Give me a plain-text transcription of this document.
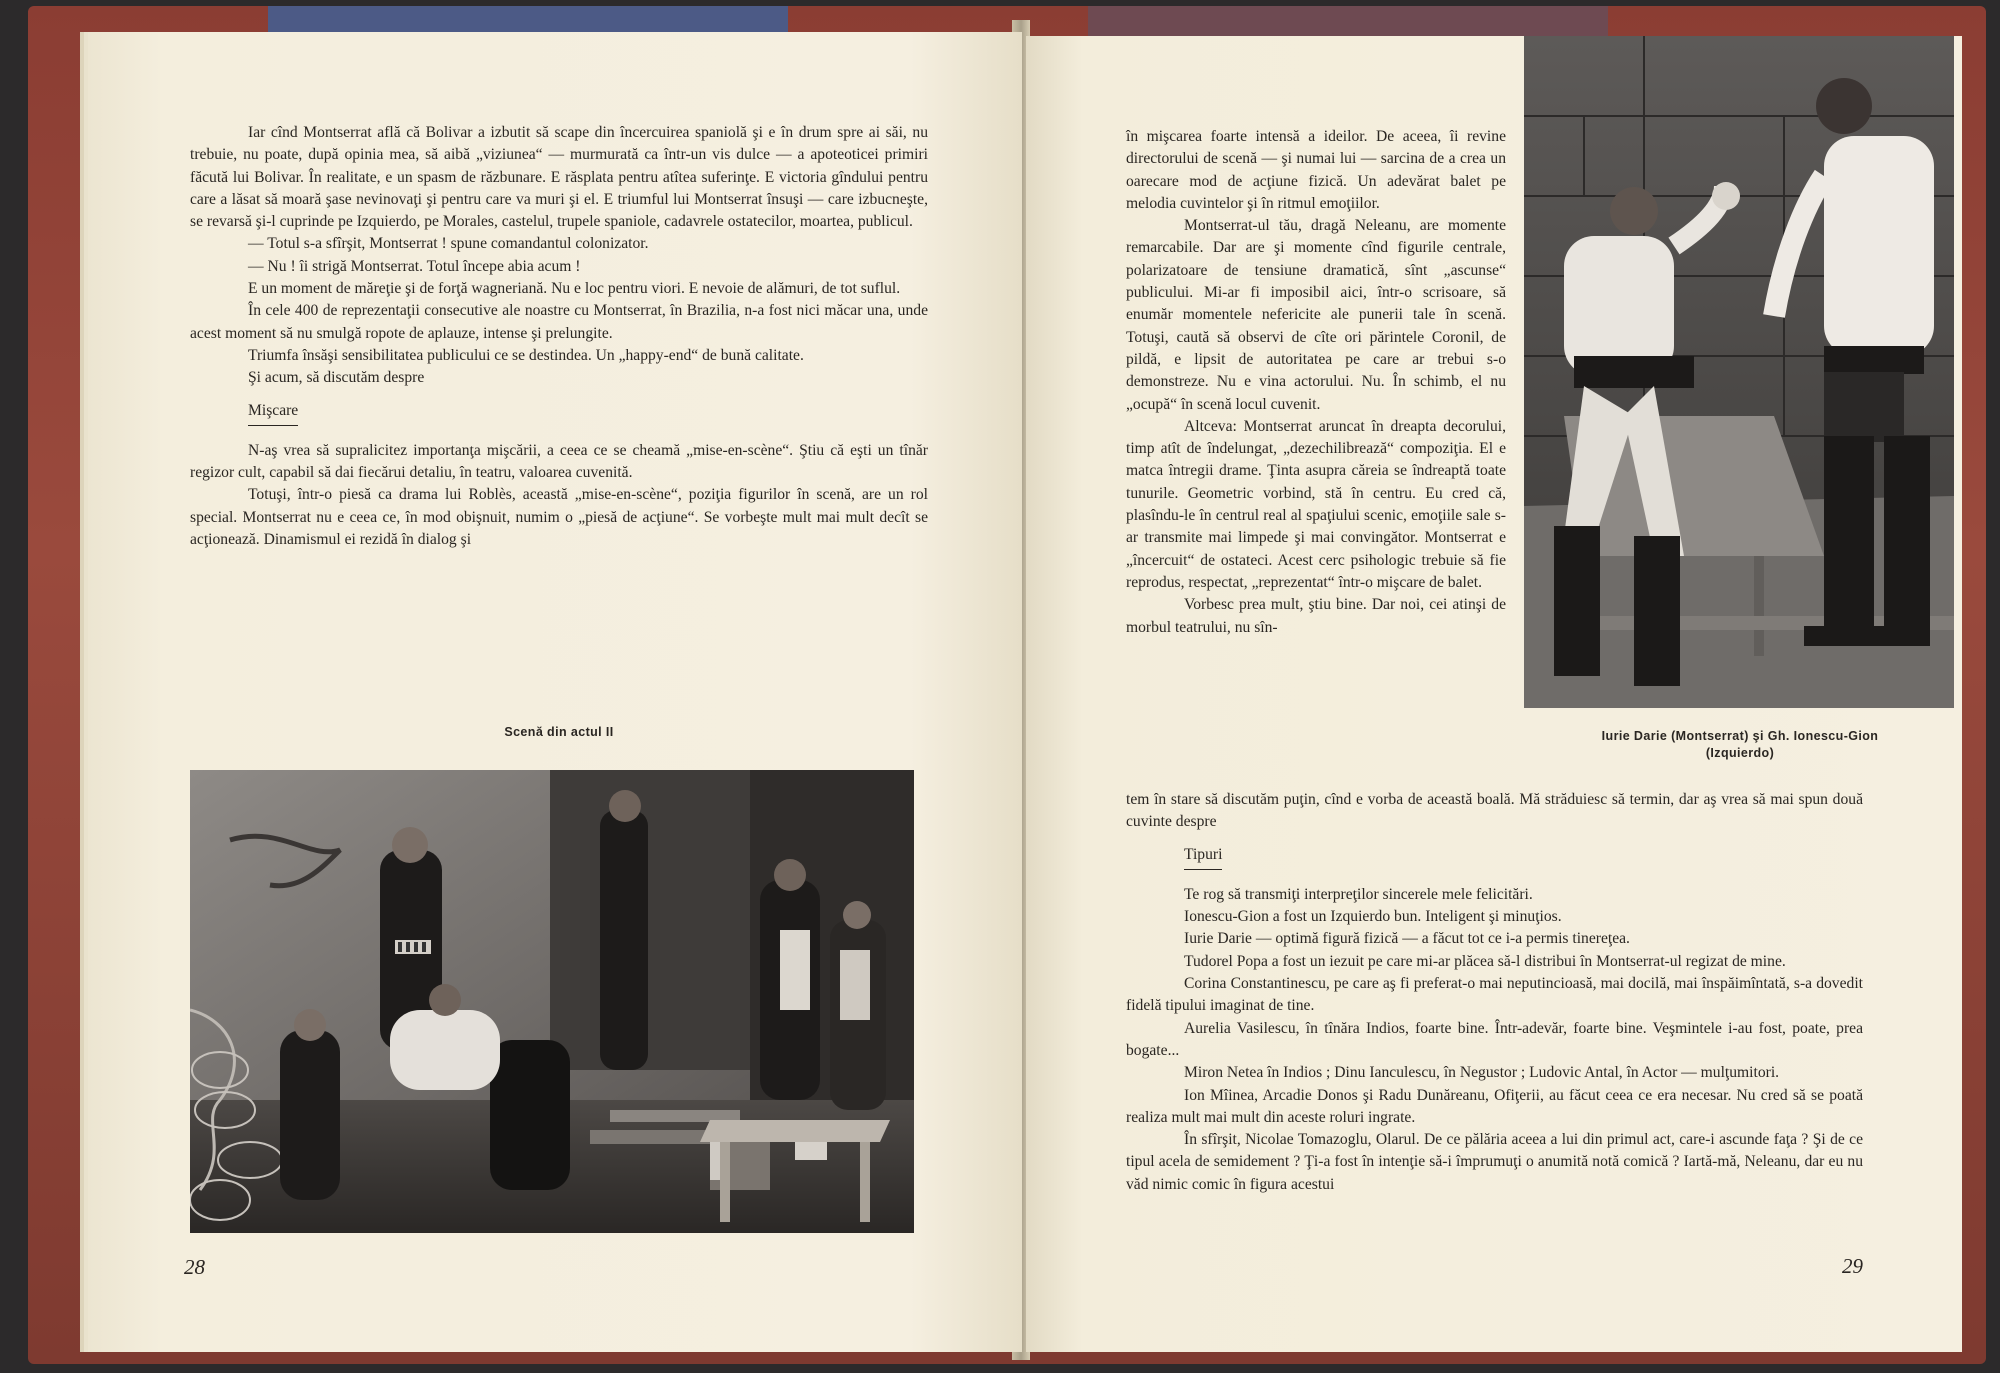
Iar cînd Montserrat află că Bolivar a izbutit să scape din încercuirea spaniolă şi e în drum spre ai săi, nu trebuie, nu poate, după opinia mea, să aibă „viziunea“ — murmurată ca într-un vis dulce — a apoteoticei primiri făcută lui Bolivar. În realitate, e un spasm de răzbunare. E răsplata pentru atîtea suferinţe. E victoria gîndului pentru care a lăsat să moară şase nevinovaţi şi pentru care va muri şi el. E triumful lui Montserrat însuşi — care izbucneşte, se revarsă şi-l cuprinde pe Izquierdo, pe Morales, castelul, trupele spaniole, cadavrele ostatecilor, moartea, publicul.

— Totul s-a sfîrşit, Montserrat ! spune comandantul colonizator.

— Nu ! îi strigă Montserrat. Totul începe abia acum !

E un moment de măreţie şi de forţă wagneriană. Nu e loc pentru viori. E nevoie de alămuri, de tot suflul.

În cele 400 de reprezentaţii consecutive ale noastre cu Montserrat, în Brazilia, n-a fost nici măcar una, unde acest moment să nu smulgă ropote de aplauze, intense şi prelungite.

Triumfa însăşi sensibilitatea publicului ce se destindea. Un „happy-end“ de bună calitate.

Şi acum, să discutăm despre

Mişcare

N-aş vrea să supralicitez importanţa mişcării, a ceea ce se cheamă „mise-en-scène“. Ştiu că eşti un tînăr regizor cult, capabil să dai fiecărui detaliu, în teatru, valoarea cuvenită.

Totuşi, într-o piesă ca drama lui Roblès, această „mise-en-scène“, poziţia figurilor în scenă, are un rol special. Montserrat nu e ceea ce, în mod obişnuit, numim o „piesă de acţiune“. Se vorbeşte mult mai mult decît se acţionează. Dinamismul ei rezidă în dialog şi

Scenă din actul II
28

în mişcarea foarte intensă a ideilor. De aceea, îi revine directorului de scenă — şi numai lui — sarcina de a crea un oarecare mod de acţiune fizică. Un adevărat balet pe melodia cuvintelor şi în ritmul emoţiilor.

Montserrat-ul tău, dragă Neleanu, are momente remarcabile. Dar are şi momente cînd figurile centrale, polarizatoare de tensiune dramatică, sînt „ascunse“ publicului. Mi-ar fi imposibil aici, într-o scrisoare, să enumăr momentele nefericite ale punerii tale în scenă. Totuşi, caută să observi de cîte ori părintele Coronil, de pildă, e lipsit de autoritatea pe care ar trebui s-o demonstreze. Nu e vina actorului. Nu. În schimb, el nu „ocupă“ în scenă locul cuvenit.

Altceva: Montserrat aruncat în dreapta decorului, timp atît de îndelungat, „dezechilibrează“ compoziţia. El e matca întregii drame. Ţinta asupra căreia se îndreaptă toate tunurile. Geometric vorbind, stă în centru. Eu cred că, plasîndu-le în centrul real al spaţiului scenic, emoţiile sale s-ar transmite mai limpede şi mai convingător. Montserrat e „încercuit“ de ostateci. Acest cerc psihologic trebuie să fie reprodus, respectat, „reprezentat“ într-o mişcare de balet.

Vorbesc prea mult, ştiu bine. Dar noi, cei atinşi de morbul teatrului, nu sîn-

Iurie Darie (Montserrat) şi Gh. Ionescu-Gion
(Izquierdo)

tem în stare să discutăm puţin, cînd e vorba de această boală. Mă străduiesc să termin, dar aş vrea să mai spun două cuvinte despre

Tipuri

Te rog să transmiţi interpreţilor sincerele mele felicitări.

Ionescu-Gion a fost un Izquierdo bun. Inteligent şi minuţios.

Iurie Darie — optimă figură fizică — a făcut tot ce i-a permis tinereţea.

Tudorel Popa a fost un iezuit pe care mi-ar plăcea să-l distribui în Montserrat-ul regizat de mine.

Corina Constantinescu, pe care aş fi preferat-o mai neputincioasă, mai docilă, mai înspăimîntată, s-a dovedit fidelă tipului imaginat de tine.

Aurelia Vasilescu, în tînăra Indios, foarte bine. Într-adevăr, foarte bine. Veşmintele i-au fost, poate, prea bogate...

Miron Netea în Indios ; Dinu Ianculescu, în Negustor ; Ludovic Antal, în Actor — mulţumitori.

Ion Mîinea, Arcadie Donos şi Radu Dunăreanu, Ofiţerii, au făcut ceea ce era necesar. Nu cred să se poată realiza mult mai mult din aceste roluri ingrate.

În sfîrşit, Nicolae Tomazoglu, Olarul. De ce pălăria aceea a lui din primul act, care-i ascunde faţa ? Şi de ce tipul acela de semidement ? Ţi-a fost în intenţie să-i împrumuţi o anumită notă comică ? Iartă-mă, Neleanu, dar eu nu văd nimic comic în figura acestui

29
